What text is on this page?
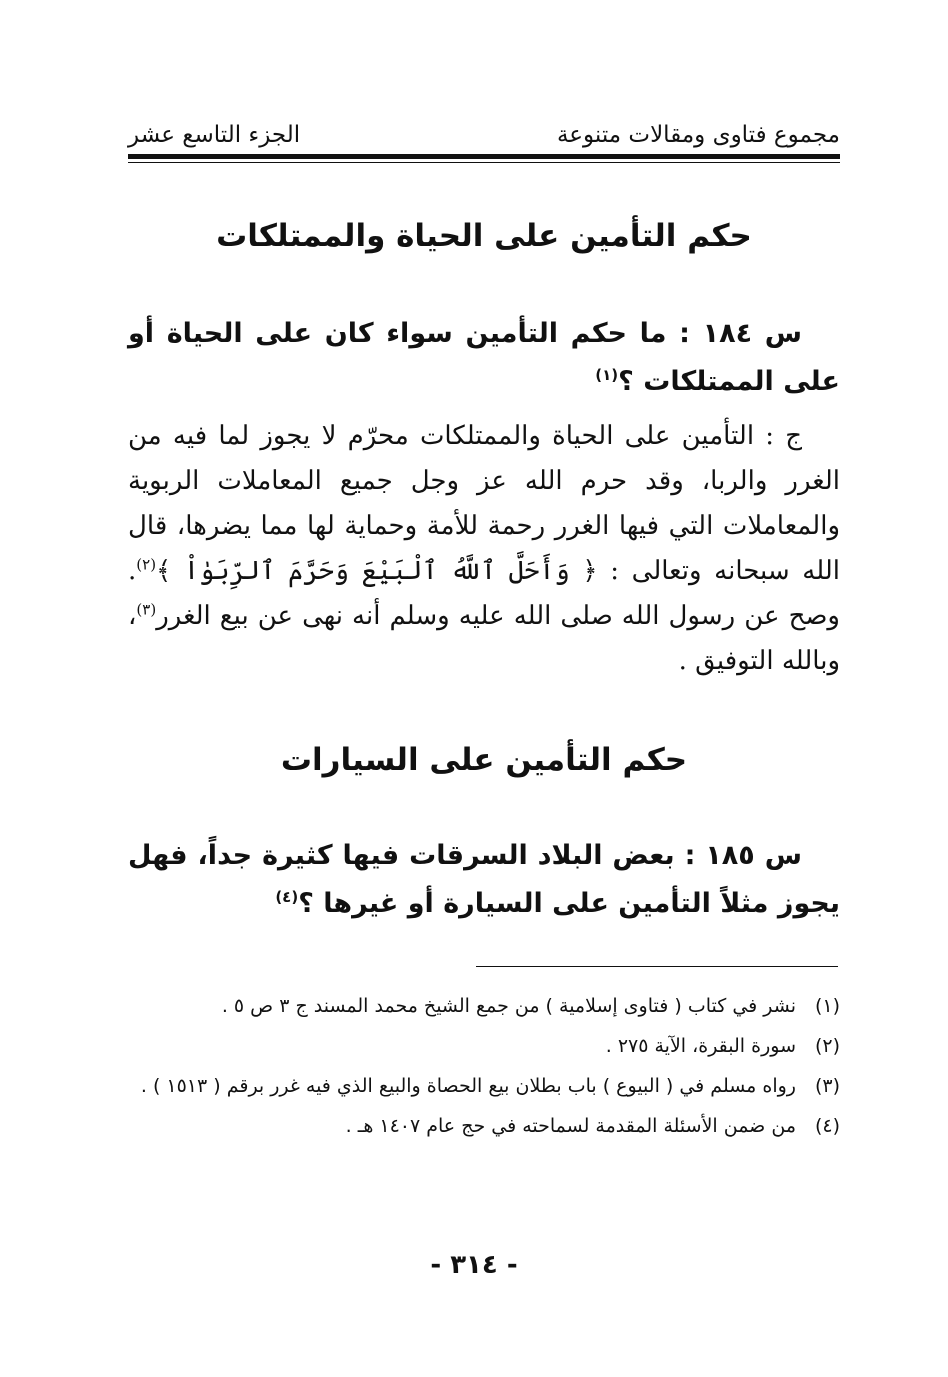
مجموع فتاوى ومقالات متنوعة
الجزء التاسع عشر
حكم التأمين على الحياة والممتلكات
س ١٨٤ : ما حكم التأمين سواء كان على الحياة أو على الممتلكات ؟$^{(١)}$
ج : التأمين على الحياة والممتلكات محرّم لا يجوز لما فيه من الغرر والربا، وقد حرم الله عز وجل جميع المعاملات الربوية والمعاملات التي فيها الغرر رحمة للأمة وحماية لها مما يضرها، قال الله سبحانه وتعالى : ﴿ وَأَحَلَّ ٱللَّهُ ٱلْبَيْعَ وَحَرَّمَ ٱلرِّبَوٰاْ ﴾$^{(٢)}$. وصح عن رسول الله صلى الله عليه وسلم أنه نهى عن بيع الغرر$^{(٣)}$، وبالله التوفيق .
حكم التأمين على السيارات
س ١٨٥ : بعض البلاد السرقات فيها كثيرة جداً، فهل يجوز مثلاً التأمين على السيارة أو غيرها ؟$^{(٤)}$
(١)
نشر في كتاب ( فتاوى إسلامية ) من جمع الشيخ محمد المسند ج ٣ ص ٥ .
(٢)
سورة البقرة، الآية ٢٧٥ .
(٣)
رواه مسلم في ( البيوع ) باب بطلان بيع الحصاة والبيع الذي فيه غرر برقم ( ١٥١٣ ) .
(٤)
من ضمن الأسئلة المقدمة لسماحته في حج عام ١٤٠٧ هـ .
- ٣١٤ -
